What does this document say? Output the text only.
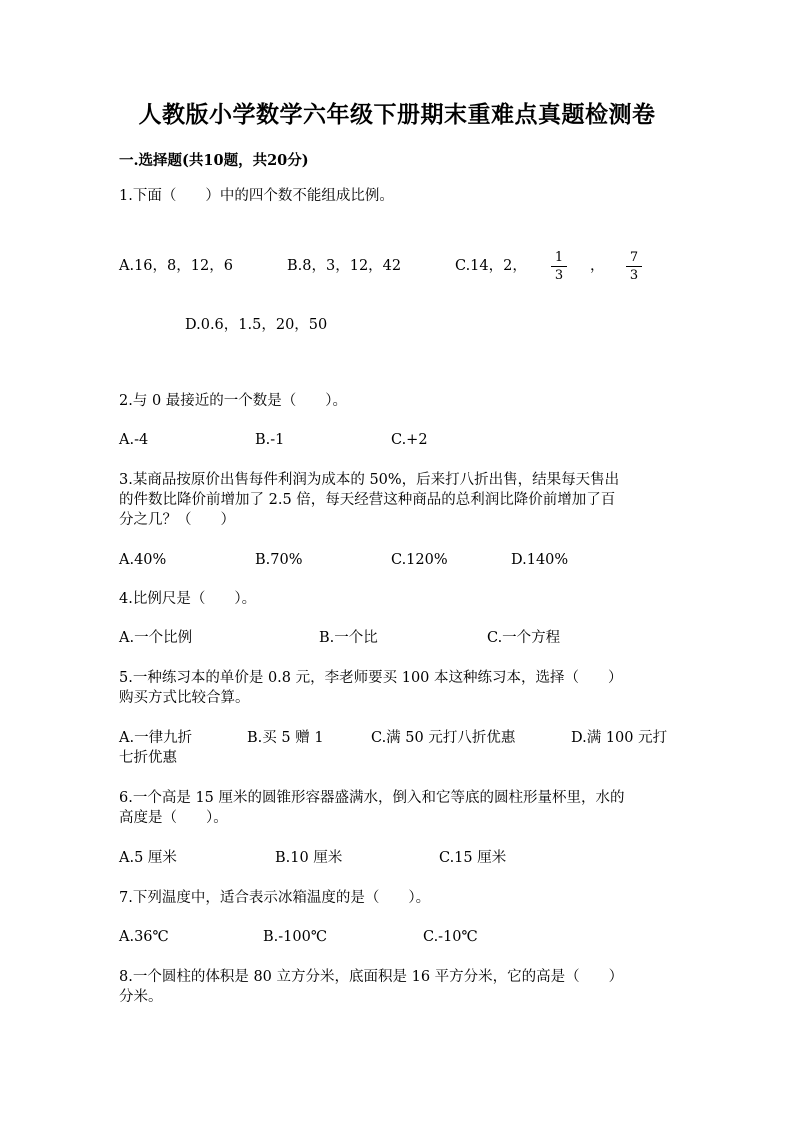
人教版小学数学六年级下册期末重难点真题检测卷
一.选择题(共10题，共20分)
1.下面（　　）中的四个数不能组成比例。
A.16，8，12，6	B.8，3，12，42	C.14，2，
1
3
，
7
3
D.0.6，1.5，20，50
2.与 0 最接近的一个数是（　　）。
A.-4	B.-1	C.+2
3.某商品按原价出售每件利润为成本的 50%，后来打八折出售，结果每天售出
的件数比降价前增加了 2.5 倍，每天经营这种商品的总利润比降价前增加了百
分之几？（　　）
A.40%	B.70%	C.120%	D.140%
4.比例尺是（　　）。
A.一个比例	B.一个比	C.一个方程
5.一种练习本的单价是 0.8 元，李老师要买 100 本这种练习本，选择（　　）
购买方式比较合算。
A.一律九折	B.买 5 赠 1	C.满 50 元打八折优惠	D.满 100 元打
七折优惠
6.一个高是 15 厘米的圆锥形容器盛满水，倒入和它等底的圆柱形量杯里，水的
高度是（　　）。
A.5 厘米	B.10 厘米	C.15 厘米
7.下列温度中，适合表示冰箱温度的是（　　）。
A.36℃	B.-100℃	C.-10℃
8.一个圆柱的体积是 80 立方分米，底面积是 16 平方分米，它的高是（　　）
分米。
